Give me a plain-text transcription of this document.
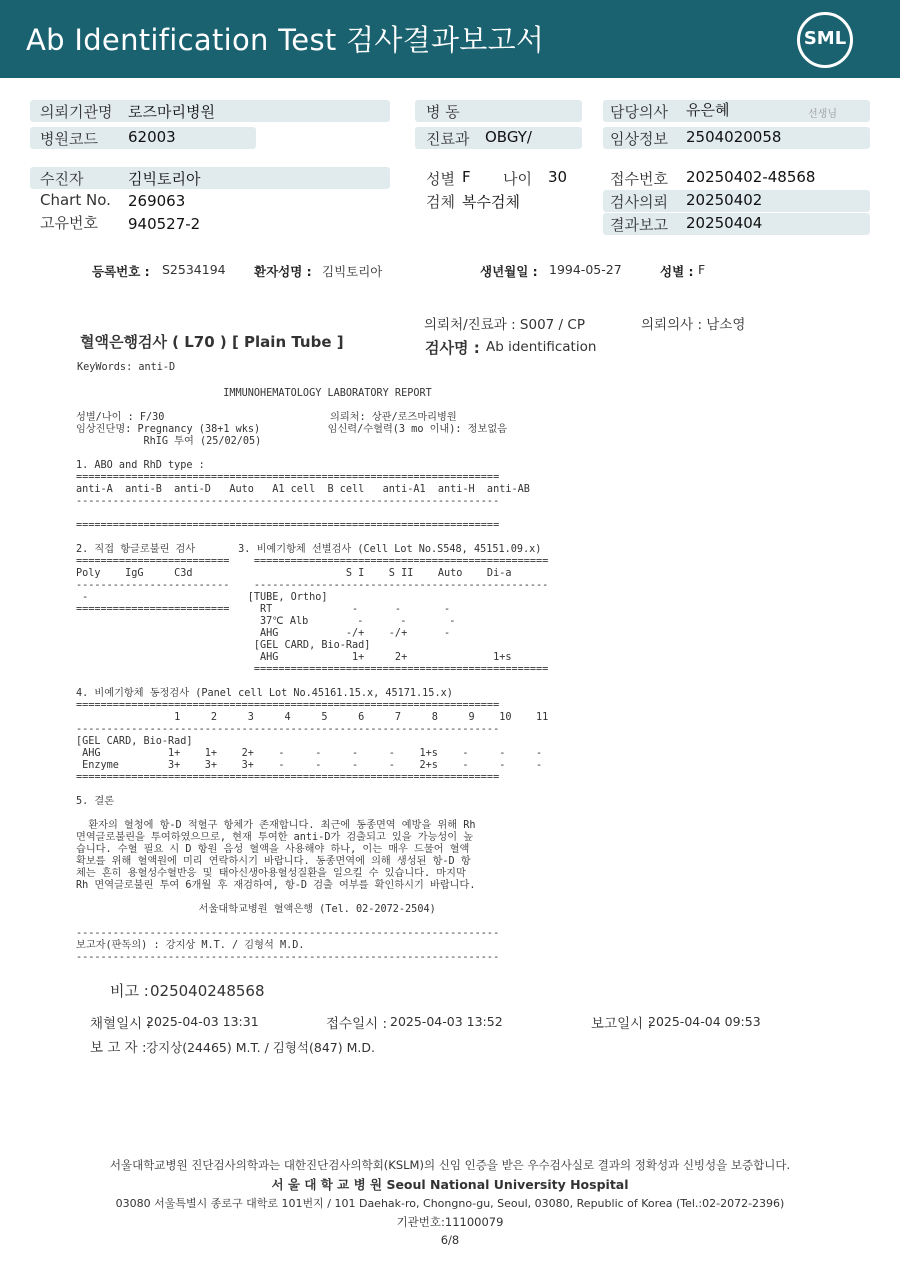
Ab Identification Test 검사결과보고서	SML
의뢰기관명 로즈마리병원
병원코드 62003
병 동
진료과 OBGY/
담당의사 유은혜	선생님
임상정보 2504020058
수진자	김빅토리아
Chart No. 269063
고유번호 940527-2
성별 F 나이 30
검체 복수검체
접수번호 20250402-48568
검사의뢰 20250402
결과보고 20250404
등록번호 : S2534194 환자성명 : 김빅토리아	생년월일 : 1994-05-27	성별 : F
의뢰처/진료과 : S007 / CP	의뢰의사 : 남소영
혈액은행검사 ( L70 ) [ Plain Tube ]	검사명 : Ab identification
KeyWords: anti-D
IMMUNOHEMATOLOGY LABORATORY REPORT
성별/나이 : F/30                           의뢰처: 상관/로즈마리병원
임상진단명: Pregnancy (38+1 wks)           임신력/수혈력(3 mo 이내): 정보없음
RhIG 투여 (25/02/05)
1. ABO and RhD type :
=====================================================================
anti-A  anti-B  anti-D   Auto   A1 cell  B cell   anti-A1  anti-H  anti-AB
---------------------------------------------------------------------
=====================================================================
2. 직접 항글로불린 검사       3. 비예기항체 선별검사 (Cell Lot No.S548, 45151.09.x)
=========================    ================================================
Poly    IgG     C3d                         S I    S II    Auto    Di-a
-------------------------    ------------------------------------------------
-                          [TUBE, Ortho]
=========================     RT             -      -       -
37℃ Alb        -      -       -
AHG           -/+    -/+      -
[GEL CARD, Bio-Rad]
AHG            1+     2+              1+s
================================================
4. 비예기항체 동정검사 (Panel cell Lot No.45161.15.x, 45171.15.x)
=====================================================================
1     2     3     4     5     6     7     8     9    10    11
---------------------------------------------------------------------
[GEL CARD, Bio-Rad]
AHG           1+    1+    2+    -     -     -     -    1+s    -     -     -
Enzyme        3+    3+    3+    -     -     -     -    2+s    -     -     -
=====================================================================
5. 결론
환자의 혈청에 항-D 적혈구 항체가 존재합니다. 최근에 동종면역 예방을 위해 Rh
면역글로불린을 투여하였으므로, 현재 투여한 anti-D가 검출되고 있을 가능성이 높
습니다. 수혈 필요 시 D 항원 음성 혈액을 사용해야 하나, 이는 매우 드물어 혈액
확보를 위해 혈액원에 미리 연락하시기 바랍니다. 동종면역에 의해 생성된 항-D 항
체는 흔히 용혈성수혈반응 및 태아신생아용혈성질환을 일으킬 수 있습니다. 마지막
Rh 면역글로불린 투여 6개월 후 재검하여, 항-D 검출 여부를 확인하시기 바랍니다.
서울대학교병원 혈액은행 (Tel. 02-2072-2504)
---------------------------------------------------------------------
보고자(판독의) : 강지상 M.T. / 김형석 M.D.
---------------------------------------------------------------------
비고 : 025040248568
채혈일시 :
2025-04-03 13:31	접수일시 : 2025-04-03 13:52	보고일시 :
2025-04-04 09:53
보 고 자 : 강지상(24465) M.T. / 김형석(847) M.D.
서울대학교병원 진단검사의학과는 대한진단검사의학회(KSLM)의 신임 인증을 받은 우수검사실로 결과의 정확성과 신빙성을 보증합니다.
서 울 대 학 교 병 원 Seoul National University Hospital
03080 서울특별시 종로구 대학로 101번지 / 101 Daehak-ro, Chongno-gu, Seoul, 03080, Republic of Korea (Tel.:02-2072-2396)
기관번호:11100079
6/8
